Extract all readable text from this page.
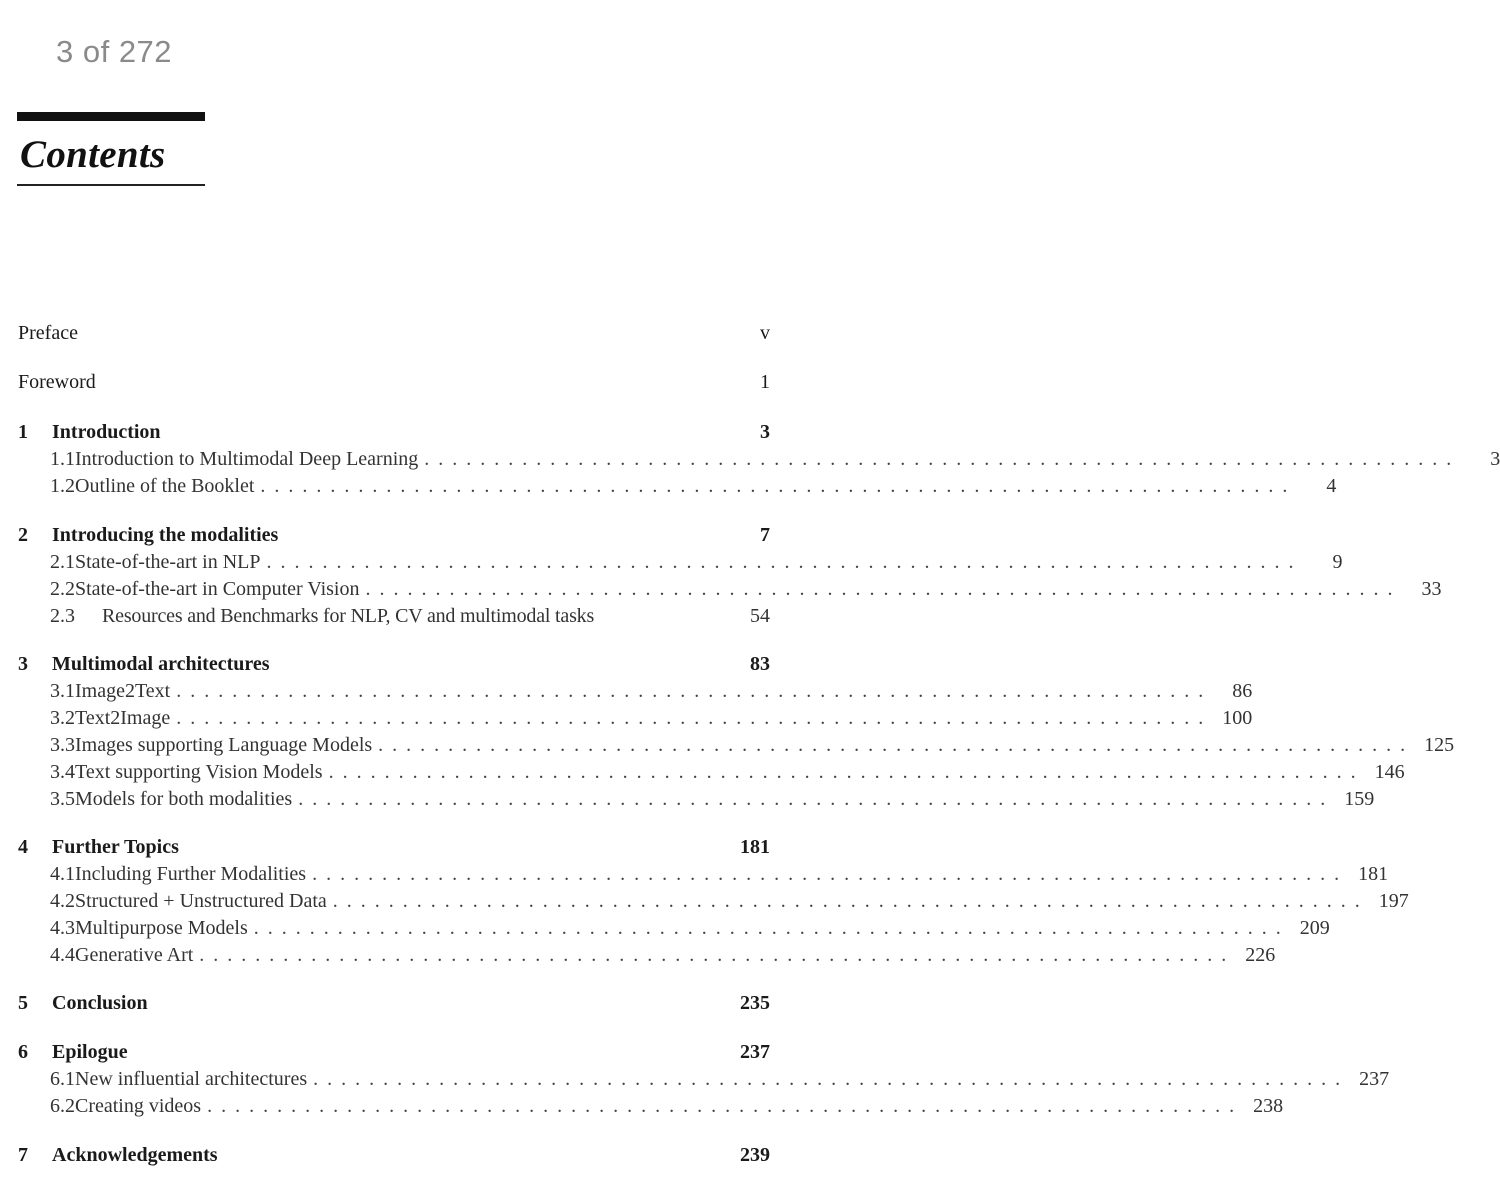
3 of 272
Contents
Preface	v
Foreword	1
1	Introduction	3
1.1 Introduction to Multimodal Deep Learning ..........................................................................	3
1.2 Outline of the Booklet ..........................................................................	4
2	Introducing the modalities	7
2.1 State-of-the-art in NLP ..........................................................................	9
2.2 State-of-the-art in Computer Vision ..........................................................................	33
2.3	Resources and Benchmarks for NLP, CV and multimodal tasks	54
3	Multimodal architectures	83
3.1 Image2Text ..........................................................................	86
3.2 Text2Image .......................................................................... 100
3.3 Images supporting Language Models .......................................................................... 125
3.4 Text supporting Vision Models .......................................................................... 146
3.5 Models for both modalities .......................................................................... 159
4	Further Topics	181
4.1 Including Further Modalities .......................................................................... 181
4.2 Structured + Unstructured Data .......................................................................... 197
4.3 Multipurpose Models .......................................................................... 209
4.4 Generative Art .......................................................................... 226
5	Conclusion	235
6	Epilogue	237
6.1 New influential architectures .......................................................................... 237
6.2 Creating videos .......................................................................... 238
7	Acknowledgements	239
